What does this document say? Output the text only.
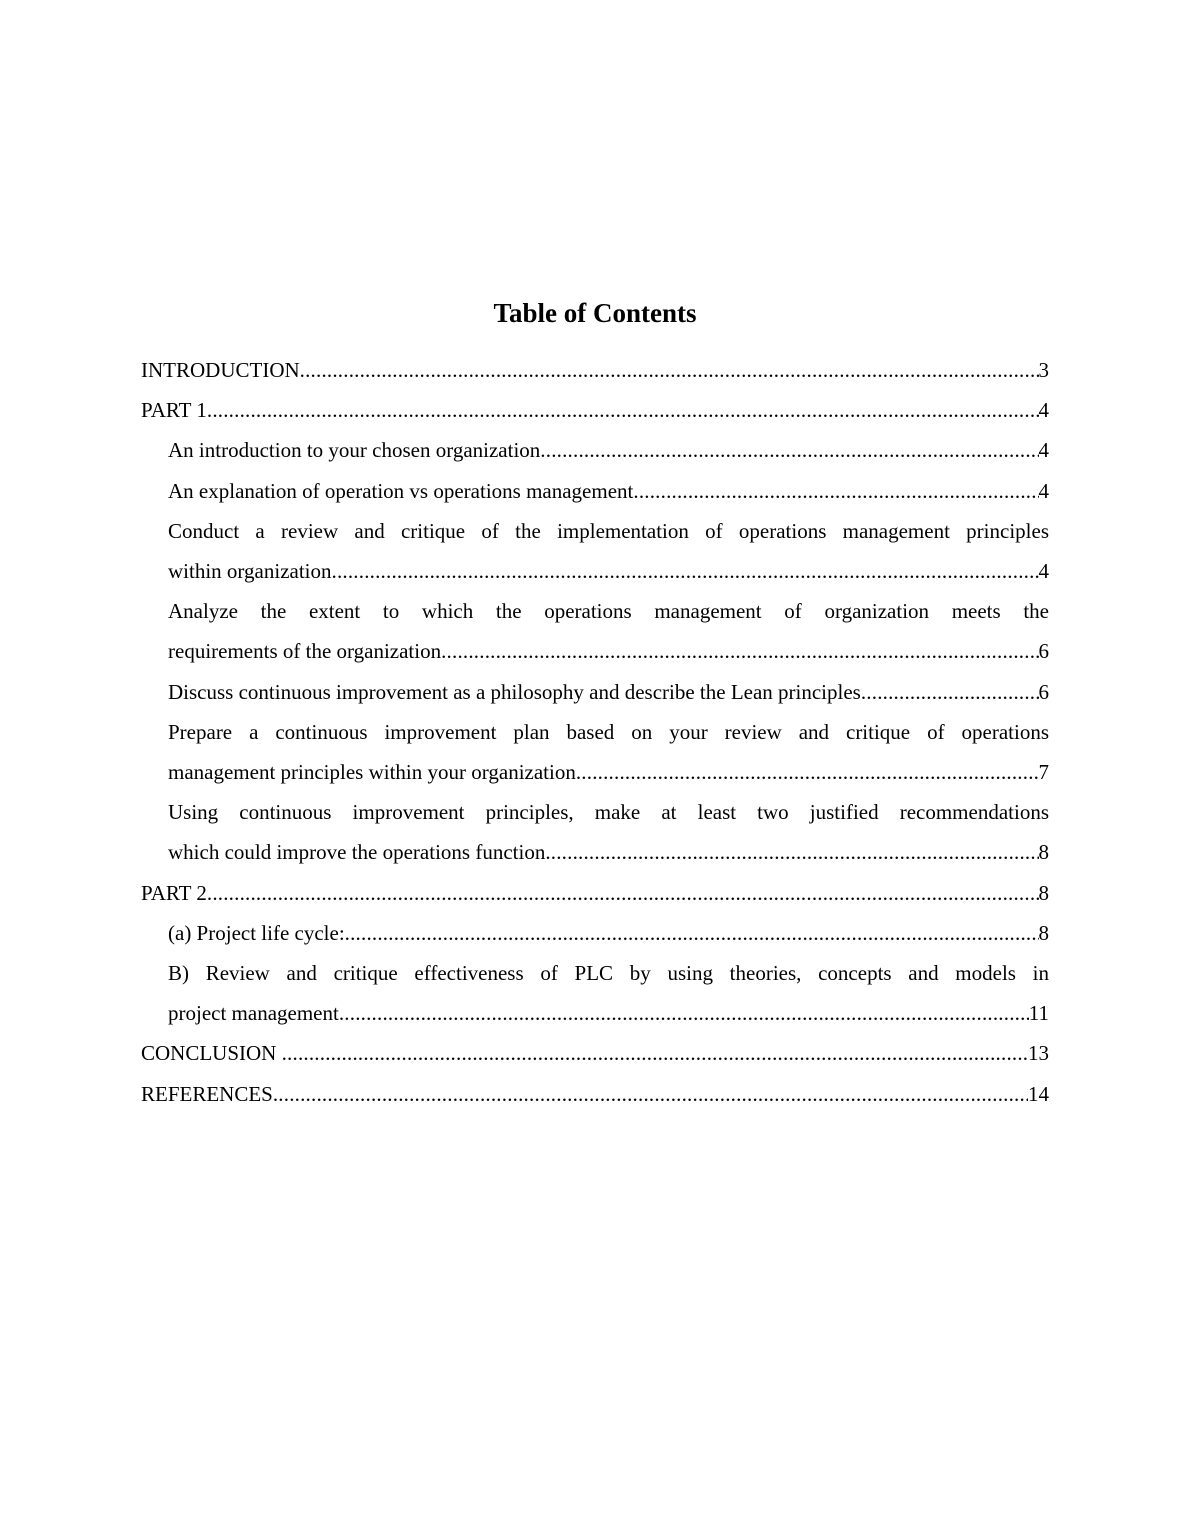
Table of Contents
INTRODUCTION .....	3
PART 1 .....	4
An introduction to your chosen organization .....	4
An explanation of operation vs operations management .....	4
Conduct a review and critique of the implementation of operations management principles
within organization .....	4
Analyze the extent to which the operations management of organization meets the
requirements of the organization .....	6
Discuss continuous improvement as a philosophy and describe the Lean principles .....	6
Prepare a continuous improvement plan based on your review and critique of operations
management principles within your organization .....	7
Using continuous improvement principles, make at least two justified recommendations
which could improve the operations function .....	8
PART 2 .....	8
(a) Project life cycle: .....	8
B) Review and critique effectiveness of PLC by using theories, concepts and models in
project management .....	11
CONCLUSION .....	13
REFERENCES .....	14
